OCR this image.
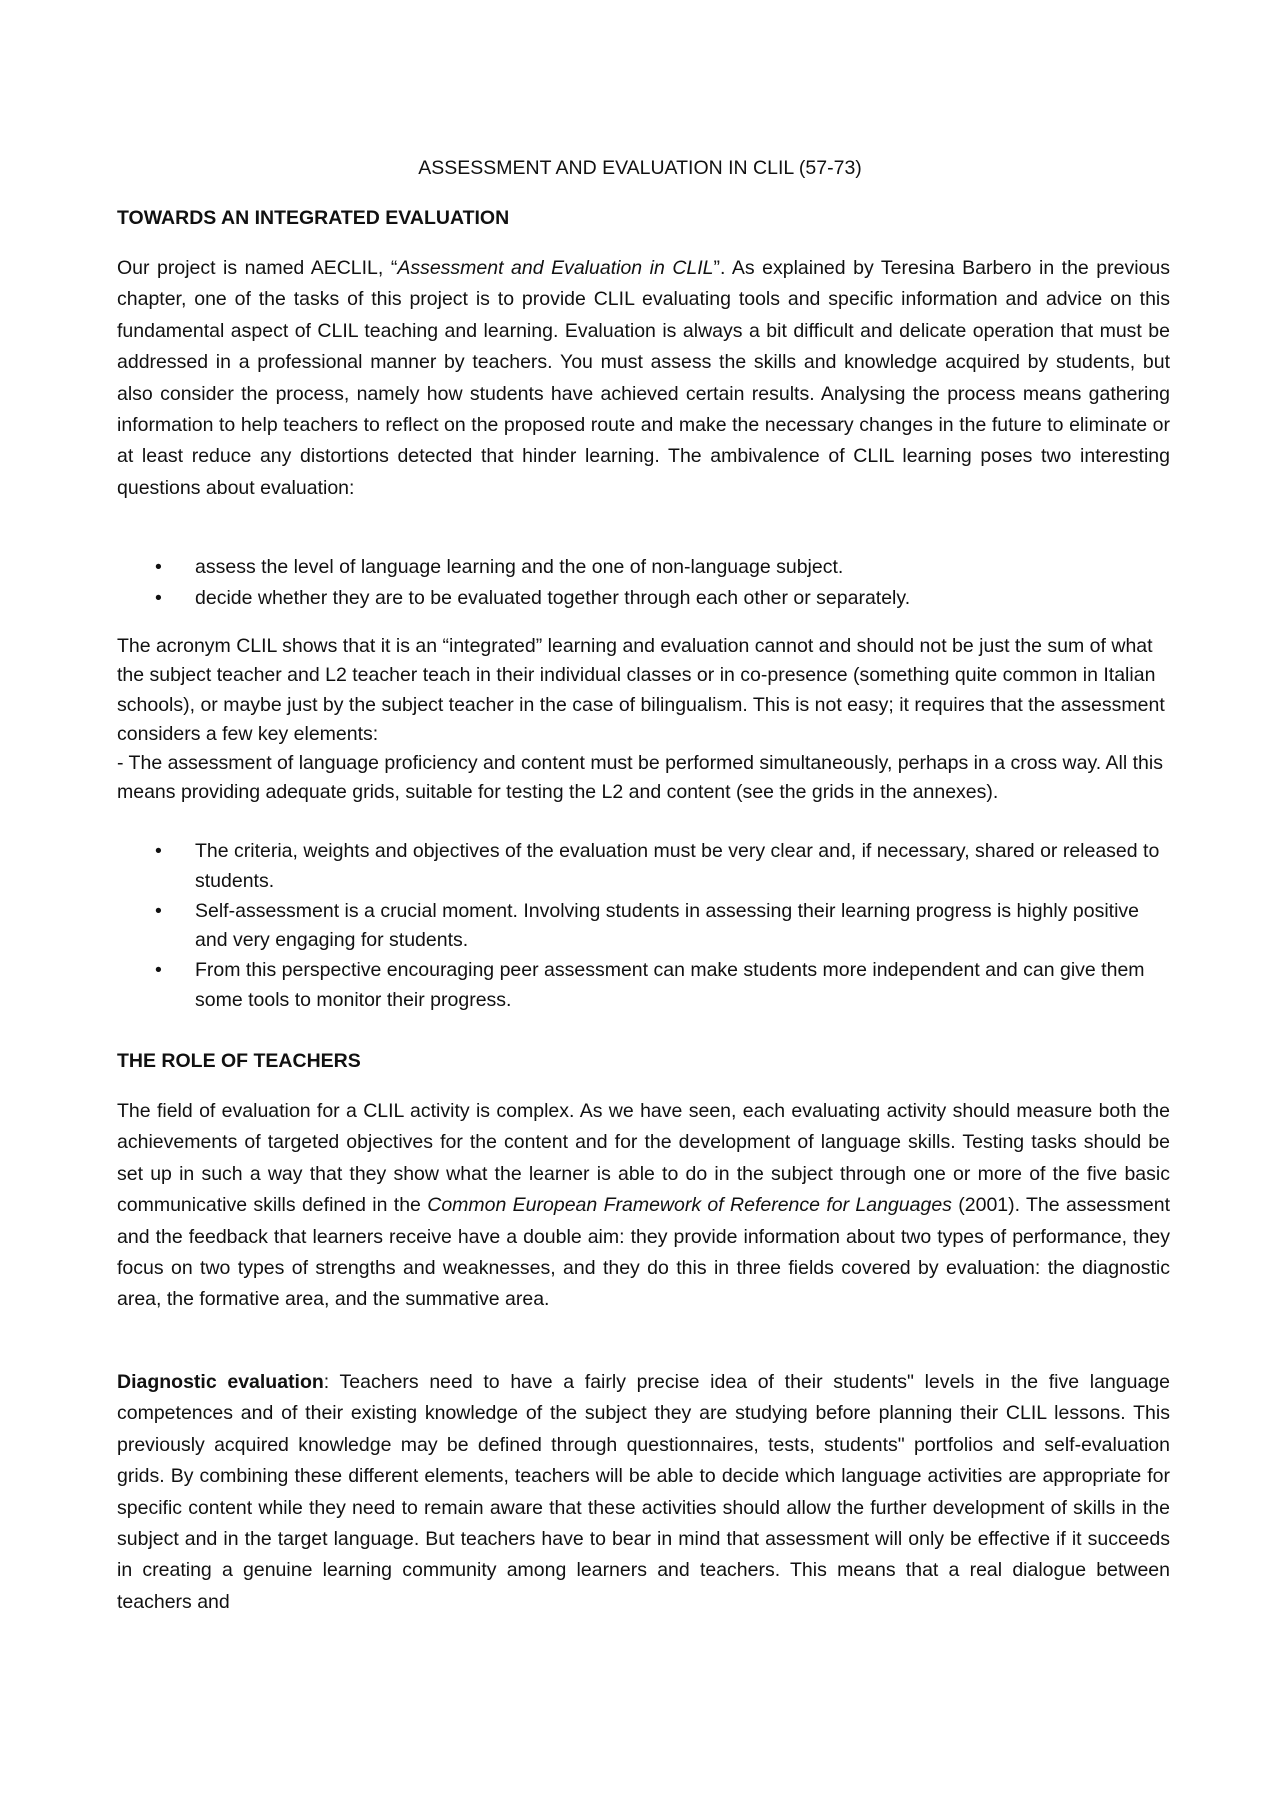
ASSESSMENT AND EVALUATION IN CLIL (57-73)
TOWARDS AN INTEGRATED EVALUATION

Our project is named AECLIL, “Assessment and Evaluation in CLIL”. As explained by Teresina Barbero in the previous chapter, one of the tasks of this project is to provide CLIL evaluating tools and specific information and advice on this fundamental aspect of CLIL teaching and learning. Evaluation is always a bit difficult and delicate operation that must be addressed in a professional manner by teachers. You must assess the skills and knowledge acquired by students, but also consider the process, namely how students have achieved certain results. Analysing the process means gathering information to help teachers to reflect on the proposed route and make the necessary changes in the future to eliminate or at least reduce any distortions detected that hinder learning. The ambivalence of CLIL learning poses two interesting questions about evaluation:

• assess the level of language learning and the one of non-language subject.
• decide whether they are to be evaluated together through each other or separately.

The acronym CLIL shows that it is an “integrated” learning and evaluation cannot and should not be just the sum of what the subject teacher and L2 teacher teach in their individual classes or in co-presence (something quite common in Italian schools), or maybe just by the subject teacher in the case of bilingualism. This is not easy; it requires that the assessment considers a few key elements:
- The assessment of language proficiency and content must be performed simultaneously, perhaps in a cross way. All this means providing adequate grids, suitable for testing the L2 and content (see the grids in the annexes).

• The criteria, weights and objectives of the evaluation must be very clear and, if necessary, shared or released to students.
• Self-assessment is a crucial moment. Involving students in assessing their learning progress is highly positive and very engaging for students.
• From this perspective encouraging peer assessment can make students more independent and can give them some tools to monitor their progress.
THE ROLE OF TEACHERS

The field of evaluation for a CLIL activity is complex. As we have seen, each evaluating activity should measure both the achievements of targeted objectives for the content and for the development of language skills. Testing tasks should be set up in such a way that they show what the learner is able to do in the subject through one or more of the five basic communicative skills defined in the Common European Framework of Reference for Languages (2001). The assessment and the feedback that learners receive have a double aim: they provide information about two types of performance, they focus on two types of strengths and weaknesses, and they do this in three fields covered by evaluation: the diagnostic area, the formative area, and the summative area.

Diagnostic evaluation: Teachers need to have a fairly precise idea of their students" levels in the five language competences and of their existing knowledge of the subject they are studying before planning their CLIL lessons. This previously acquired knowledge may be defined through questionnaires, tests, students" portfolios and self-evaluation grids. By combining these different elements, teachers will be able to decide which language activities are appropriate for specific content while they need to remain aware that these activities should allow the further development of skills in the subject and in the target language. But teachers have to bear in mind that assessment will only be effective if it succeeds in creating a genuine learning community among learners and teachers. This means that a real dialogue between teachers and
